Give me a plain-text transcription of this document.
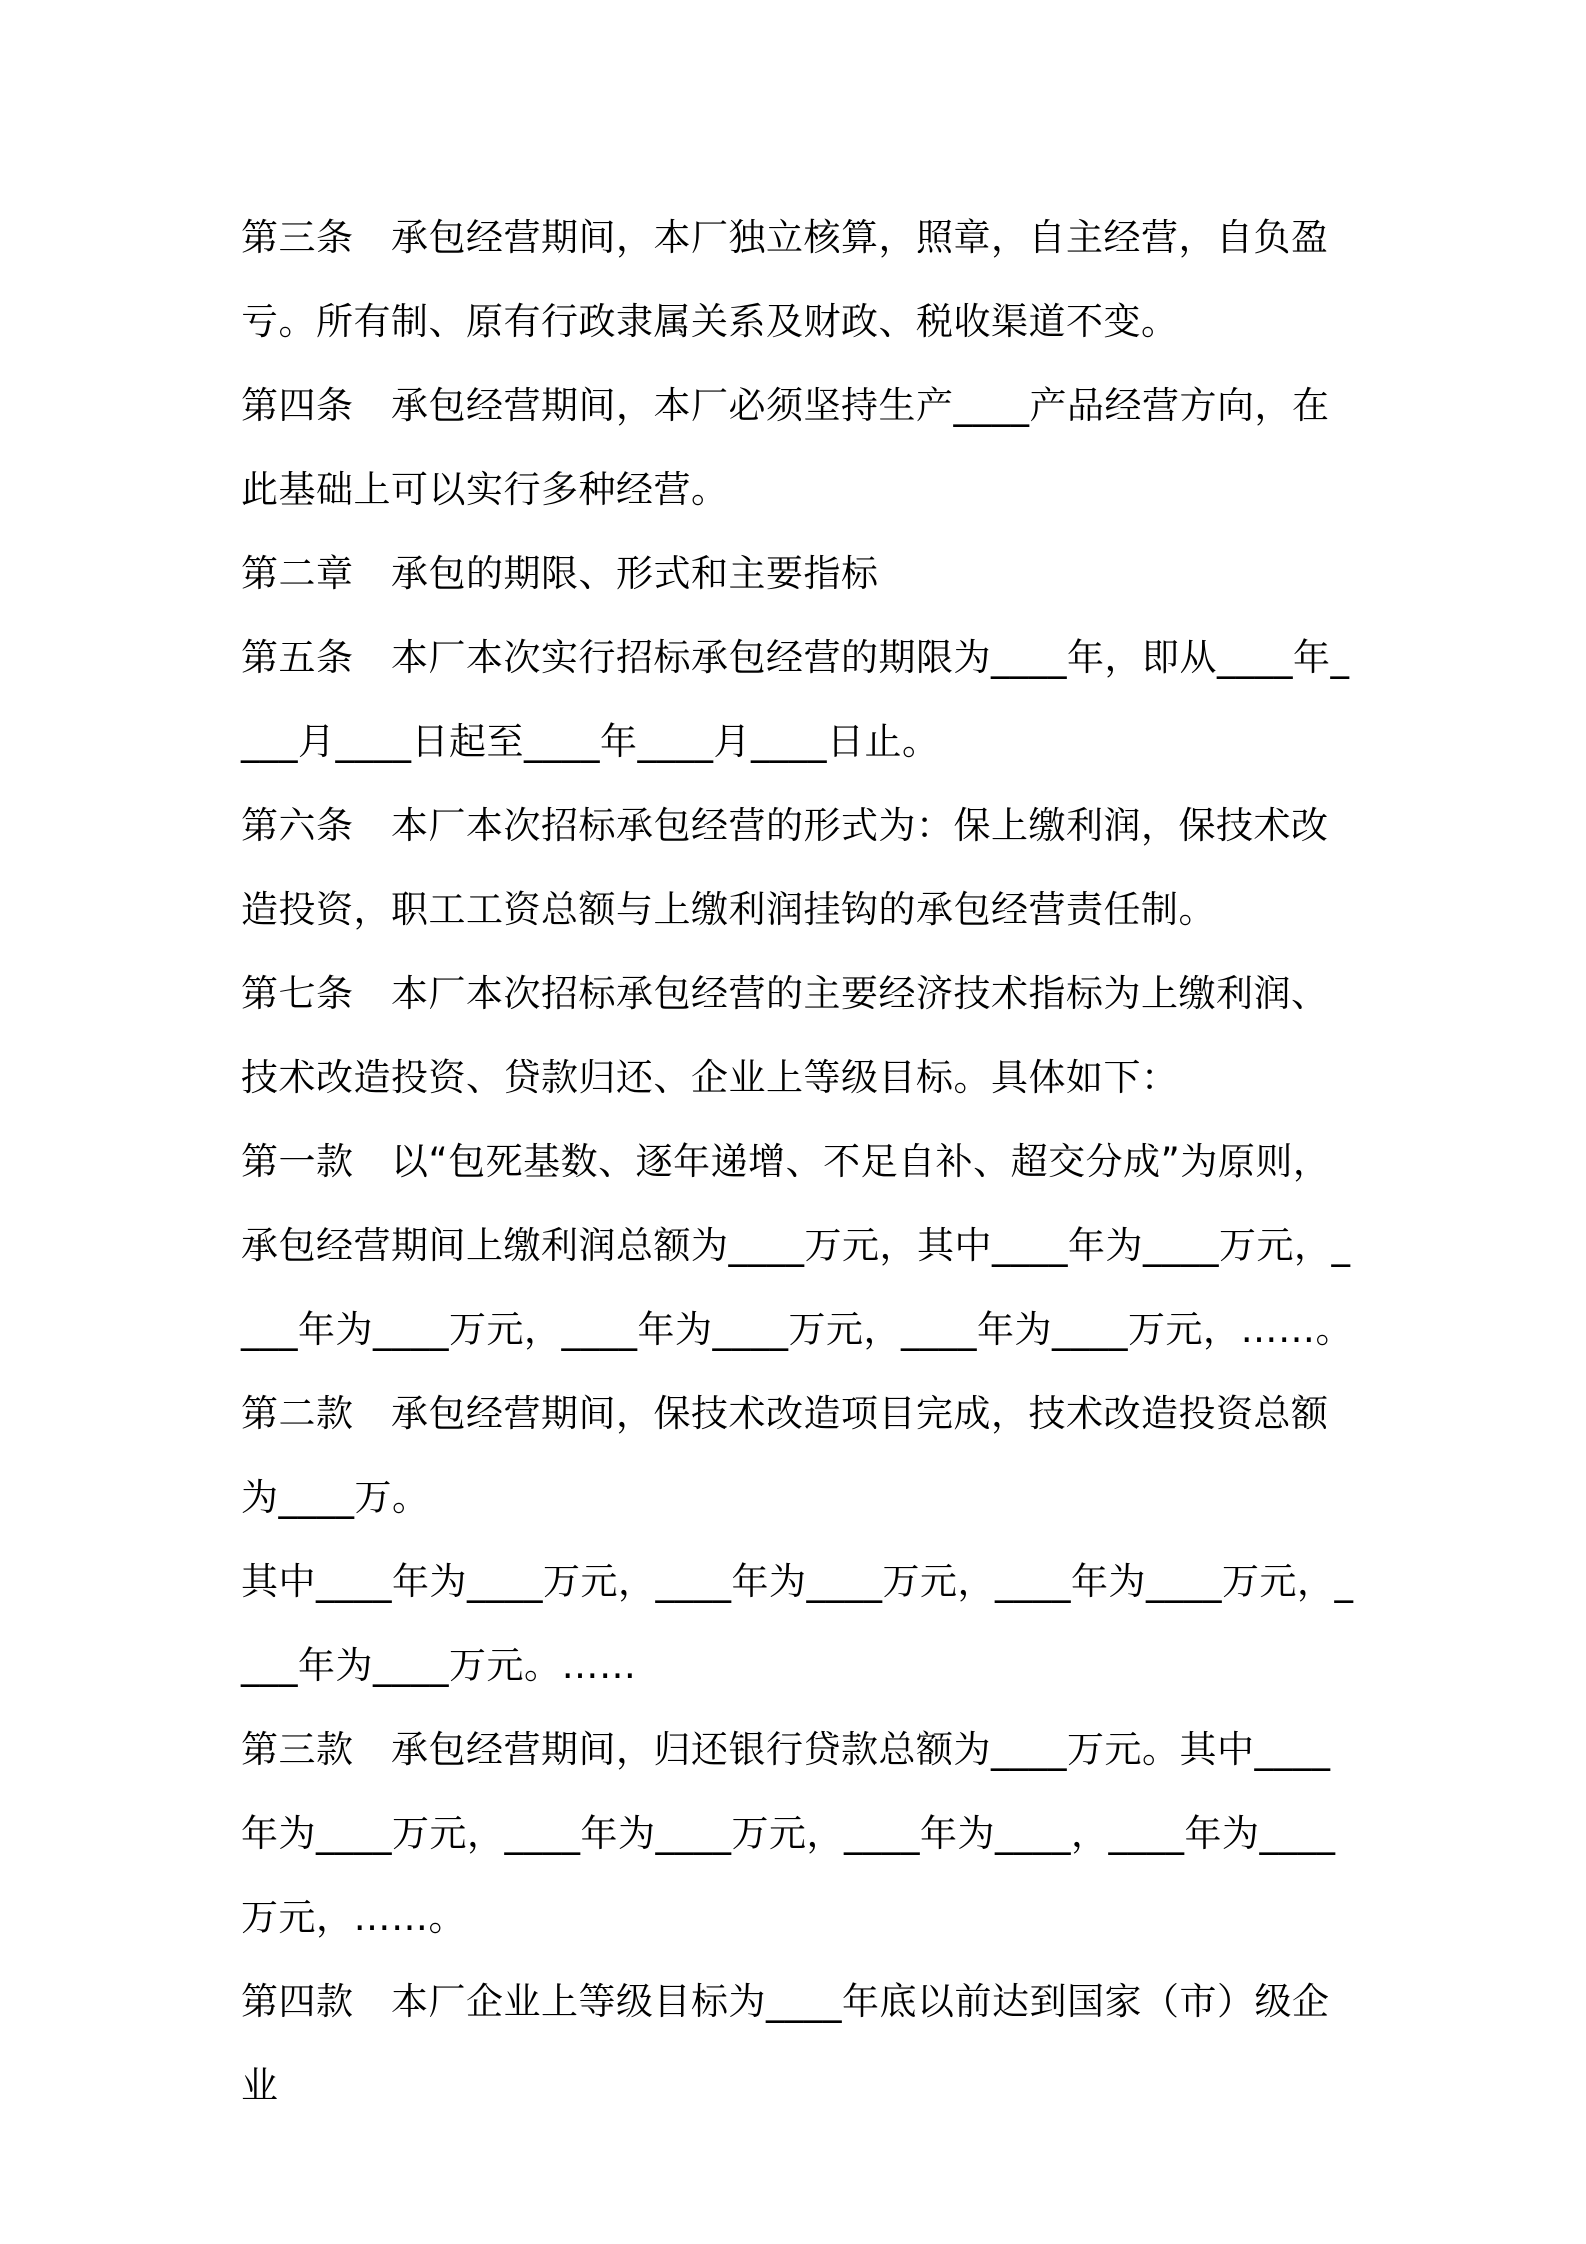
第三条　承包经营期间，本厂独立核算，照章，自主经营，自负盈亏。所有制、原有行政隶属关系及财政、税收渠道不变。

第四条　承包经营期间，本厂必须坚持生产____产品经营方向，在此基础上可以实行多种经营。

第二章　承包的期限、形式和主要指标

第五条　本厂本次实行招标承包经营的期限为____年，即从____年____月____日起至____年____月____日止。

第六条　本厂本次招标承包经营的形式为：保上缴利润，保技术改造投资，职工工资总额与上缴利润挂钩的承包经营责任制。

第七条　本厂本次招标承包经营的主要经济技术指标为上缴利润、技术改造投资、贷款归还、企业上等级目标。具体如下：

第一款　以“包死基数、逐年递增、不足自补、超交分成”为原则，承包经营期间上缴利润总额为____万元，其中____年为____万元，____年为____万元，____年为____万元，____年为____万元，……。

第二款　承包经营期间，保技术改造项目完成，技术改造投资总额为____万。

其中____年为____万元，____年为____万元，____年为____万元，____年为____万元。……

第三款　承包经营期间，归还银行贷款总额为____万元。其中____年为____万元，____年为____万元，____年为____，____年为____万元，……。

第四款　本厂企业上等级目标为____年底以前达到国家（市）级企业
